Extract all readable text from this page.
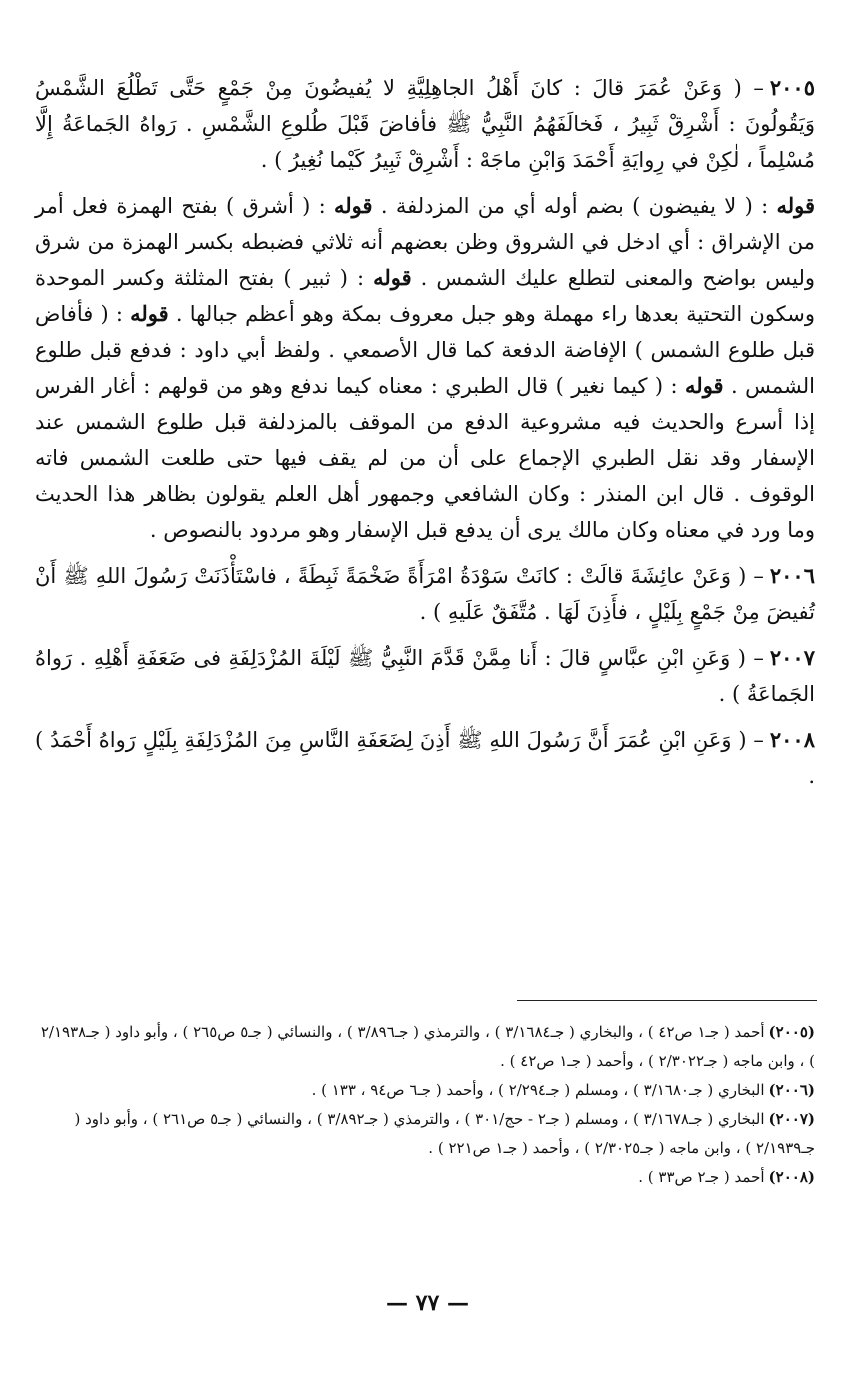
٢٠٠٥– ( وَعَنْ عُمَرَ قالَ : كانَ أَهْلُ الجاهِلِيَّةِ لا يُفيضُونَ مِنْ جَمْعٍ حَتَّى تَطْلُعَ الشَّمْسُ وَيَقُولُونَ : أَشْرِقْ ثَبِيرُ ، فَخالَفَهُمُ النَّبِيُّ ﷺ فأفاضَ قَبْلَ طُلوعِ الشَّمْسِ . رَواهُ الجَماعَةُ إِلَّا مُسْلِماً ، لٰكِنْ في رِوايَةِ أَحْمَدَ وَابْنِ ماجَهْ : أَشْرِقْ ثَبِيرُ كَيْما نُغِيرُ ) .

قوله : ( لا يفيضون ) بضم أوله أي من المزدلفة . قوله : ( أشرق ) بفتح الهمزة فعل أمر من الإشراق : أي ادخل في الشروق وظن بعضهم أنه ثلاثي فضبطه بكسر الهمزة من شرق وليس بواضح والمعنى لتطلع عليك الشمس . قوله : ( ثبير ) بفتح المثلثة وكسر الموحدة وسكون التحتية بعدها راء مهملة وهو جبل معروف بمكة وهو أعظم جبالها . قوله : ( فأفاض قبل طلوع الشمس ) الإفاضة الدفعة كما قال الأصمعي . ولفظ أبي داود : فدفع قبل طلوع الشمس . قوله : ( كيما نغير ) قال الطبري : معناه كيما ندفع وهو من قولهم : أغار الفرس إذا أسرع والحديث فيه مشروعية الدفع من الموقف بالمزدلفة قبل طلوع الشمس عند الإسفار وقد نقل الطبري الإجماع على أن من لم يقف فيها حتى طلعت الشمس فاته الوقوف . قال ابن المنذر : وكان الشافعي وجمهور أهل العلم يقولون بظاهر هذا الحديث وما ورد في معناه وكان مالك يرى أن يدفع قبل الإسفار وهو مردود بالنصوص .

٢٠٠٦– ( وَعَنْ عائِشَةَ قالَتْ : كانَتْ سَوْدَةُ امْرَأَةً ضَخْمَةً ثَبِطَةً ، فاسْتَأْذَنَتْ رَسُولَ اللهِ ﷺ أَنْ تُفيضَ مِنْ جَمْعٍ بِلَيْلٍ ، فأَذِنَ لَهَا . مُتَّفَقٌ عَلَيهِ ) .

٢٠٠٧– ( وَعَنِ ابْنِ عبَّاسٍ قالَ : أَنا مِمَّنْ قَدَّمَ النَّبِيُّ ﷺ لَيْلَةَ المُزْدَلِفَةِ فى ضَعَفَةِ أَهْلِهِ . رَواهُ الجَماعَةُ ) .

٢٠٠٨– ( وَعَنِ ابْنِ عُمَرَ أَنَّ رَسُولَ اللهِ ﷺ أَذِنَ لِضَعَفَةِ النَّاسِ مِنَ المُزْدَلِفَةِ بِلَيْلٍ رَواهُ أَحْمَدُ ) .

(٢٠٠٥)أحمد ( جـ١ ص٤٢ ) ، والبخاري ( جـ٣/١٦٨٤ ) ، والترمذي ( جـ٣/٨٩٦ ) ، والنسائي ( جـ٥ ص٢٦٥ ) ، وأبو داود ( جـ٢/١٩٣٨ ) ، وابن ماجه ( جـ٢/٣٠٢٢ ) ، وأحمد ( جـ١ ص٤٢ ) .

(٢٠٠٦)البخاري ( جـ٣/١٦٨٠ ) ، ومسلم ( جـ٢/٢٩٤ ) ، وأحمد ( جـ٦ ص٩٤ ، ١٣٣ ) .

(٢٠٠٧)البخاري ( جـ٣/١٦٧٨ ) ، ومسلم ( جـ٢ - حج/٣٠١ ) ، والترمذي ( جـ٣/٨٩٢ ) ، والنسائي ( جـ٥ ص٢٦١ ) ، وأبو داود ( جـ٢/١٩٣٩ ) ، وابن ماجه ( جـ٢/٣٠٢٥ ) ، وأحمد ( جـ١ ص٢٢١ ) .

(٢٠٠٨)أحمد ( جـ٢ ص٣٣ ) .

— ٧٧ —
